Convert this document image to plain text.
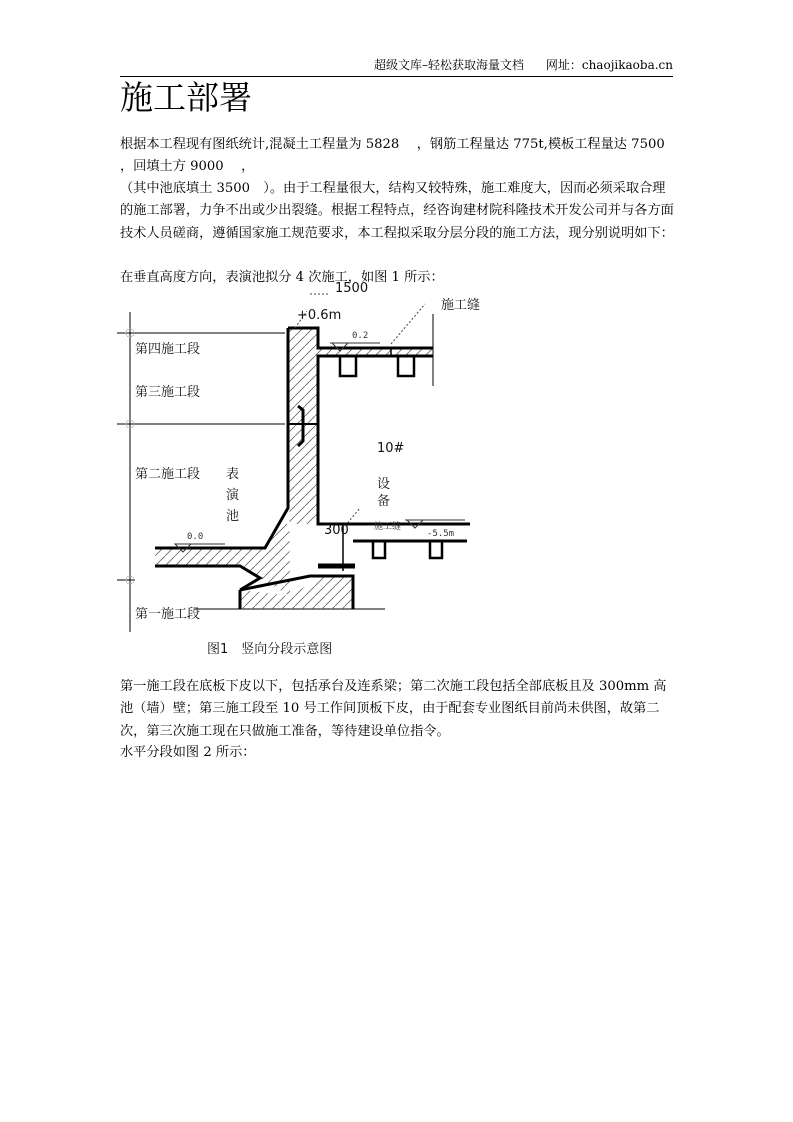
超级文库–轻松获取海量文档 网址：chaojikaoba.cn
施工部署
根据本工程现有图纸统计,混凝土工程量为 5828　 ，钢筋工程量达 775t,模板工程量达 7500　 ，回填土方 9000　 ，
（其中池底填土 3500　）。由于工程量很大，结构又较特殊，施工难度大，因而必须采取合理的施工部署，力争不出或少出裂缝。根据工程特点，经咨询建材院科隆技术开发公司并与各方面技术人员磋商，遵循国家施工规范要求，本工程拟采取分层分段的施工方法，现分别说明如下：
在垂直高度方向，表演池拟分 4 次施工，如图 1 所示：
第四施工段
第三施工段
第二施工段
第一施工段
表
演
池
施工缝
1500
+0.6m
0.2
10#
设
备
300 一施工缝
-5.5m
0.0
图1　竖向分段示意图
第一施工段在底板下皮以下，包括承台及连系梁；第二次施工段包括全部底板且及 300mm 高池（墙）壁；第三施工段至 10 号工作间顶板下皮，由于配套专业图纸目前尚未供图，故第二次，第三次施工现在只做施工准备，等待建设单位指令。
水平分段如图 2 所示：
